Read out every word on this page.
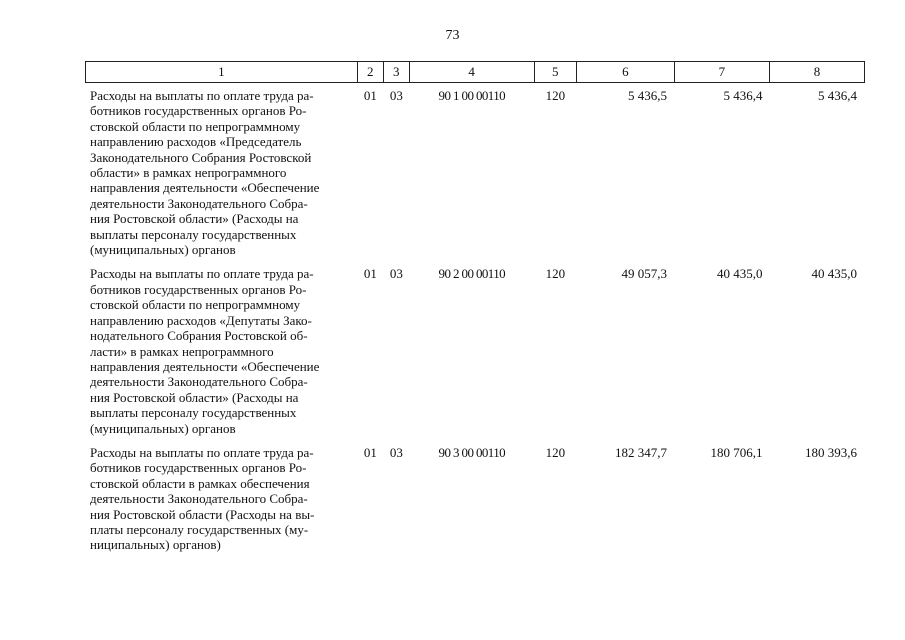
73
1	2	3	4	5	6	7	8
Расходы на выплаты по оплате труда ра-
ботников государственных органов Ро-
стовской области по непрограммному
направлению расходов «Председатель
Законодательного Собрания Ростовской
области» в рамках непрограммного
направления деятельности «Обеспечение
деятельности Законодательного Собра-
ния Ростовской области» (Расходы на
выплаты персоналу государственных
(муниципальных) органов
01 03	90 1 00 00110	120	5 436,5	5 436,4	5 436,4
Расходы на выплаты по оплате труда ра-
ботников государственных органов Ро-
стовской области по непрограммному
направлению расходов «Депутаты Зако-
нодательного Собрания Ростовской об-
ласти» в рамках непрограммного
направления деятельности «Обеспечение
деятельности Законодательного Собра-
ния Ростовской области» (Расходы на
выплаты персоналу государственных
(муниципальных) органов
01 03	90 2 00 00110	120	49 057,3	40 435,0	40 435,0
Расходы на выплаты по оплате труда ра-
ботников государственных органов Ро-
стовской области в рамках обеспечения
деятельности Законодательного Собра-
ния Ростовской области (Расходы на вы-
платы персоналу государственных (му-
ниципальных) органов)
01 03	90 3 00 00110	120	182 347,7	180 706,1	180 393,6
